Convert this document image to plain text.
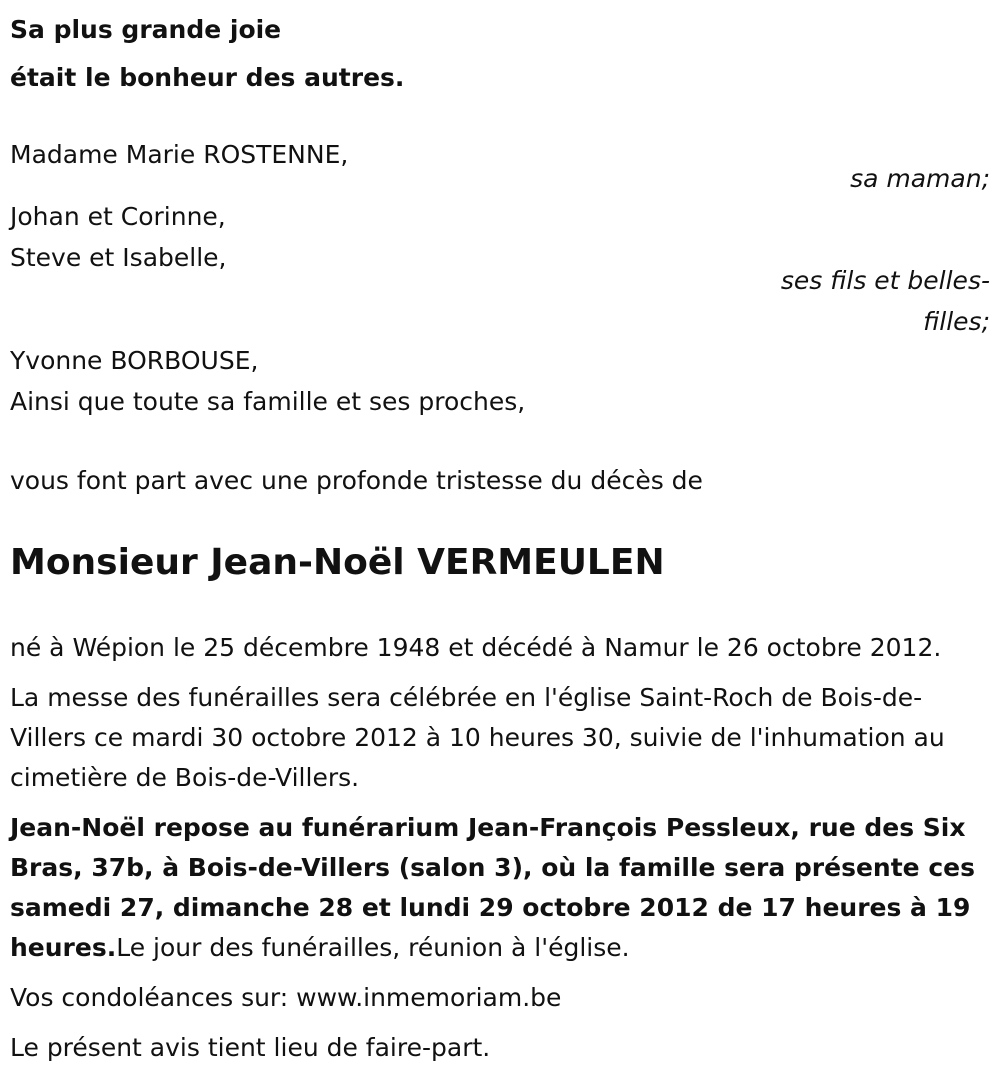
Sa plus grande joie
était le bonheur des autres.
Madame Marie ROSTENNE,
sa maman;
Johan et Corinne,
Steve et Isabelle,
ses fils et belles-
filles;
Yvonne BORBOUSE,
Ainsi que toute sa famille et ses proches,
vous font part avec une profonde tristesse du décès de
Monsieur Jean-Noël VERMEULEN
né à Wépion le 25 décembre 1948 et décédé à Namur le 26 octobre 2012.
La messe des funérailles sera célébrée en l'église Saint-Roch de Bois-de-
Villers ce mardi 30 octobre 2012 à 10 heures 30, suivie de l'inhumation au
cimetière de Bois-de-Villers.
Jean-Noël repose au funérarium Jean-François Pessleux, rue des Six
Bras, 37b, à Bois-de-Villers (salon 3), où la famille sera présente ces
samedi 27, dimanche 28 et lundi 29 octobre 2012 de 17 heures à 19
heures.Le jour des funérailles, réunion à l'église.
Vos condoléances sur: www.inmemoriam.be
Le présent avis tient lieu de faire-part.
